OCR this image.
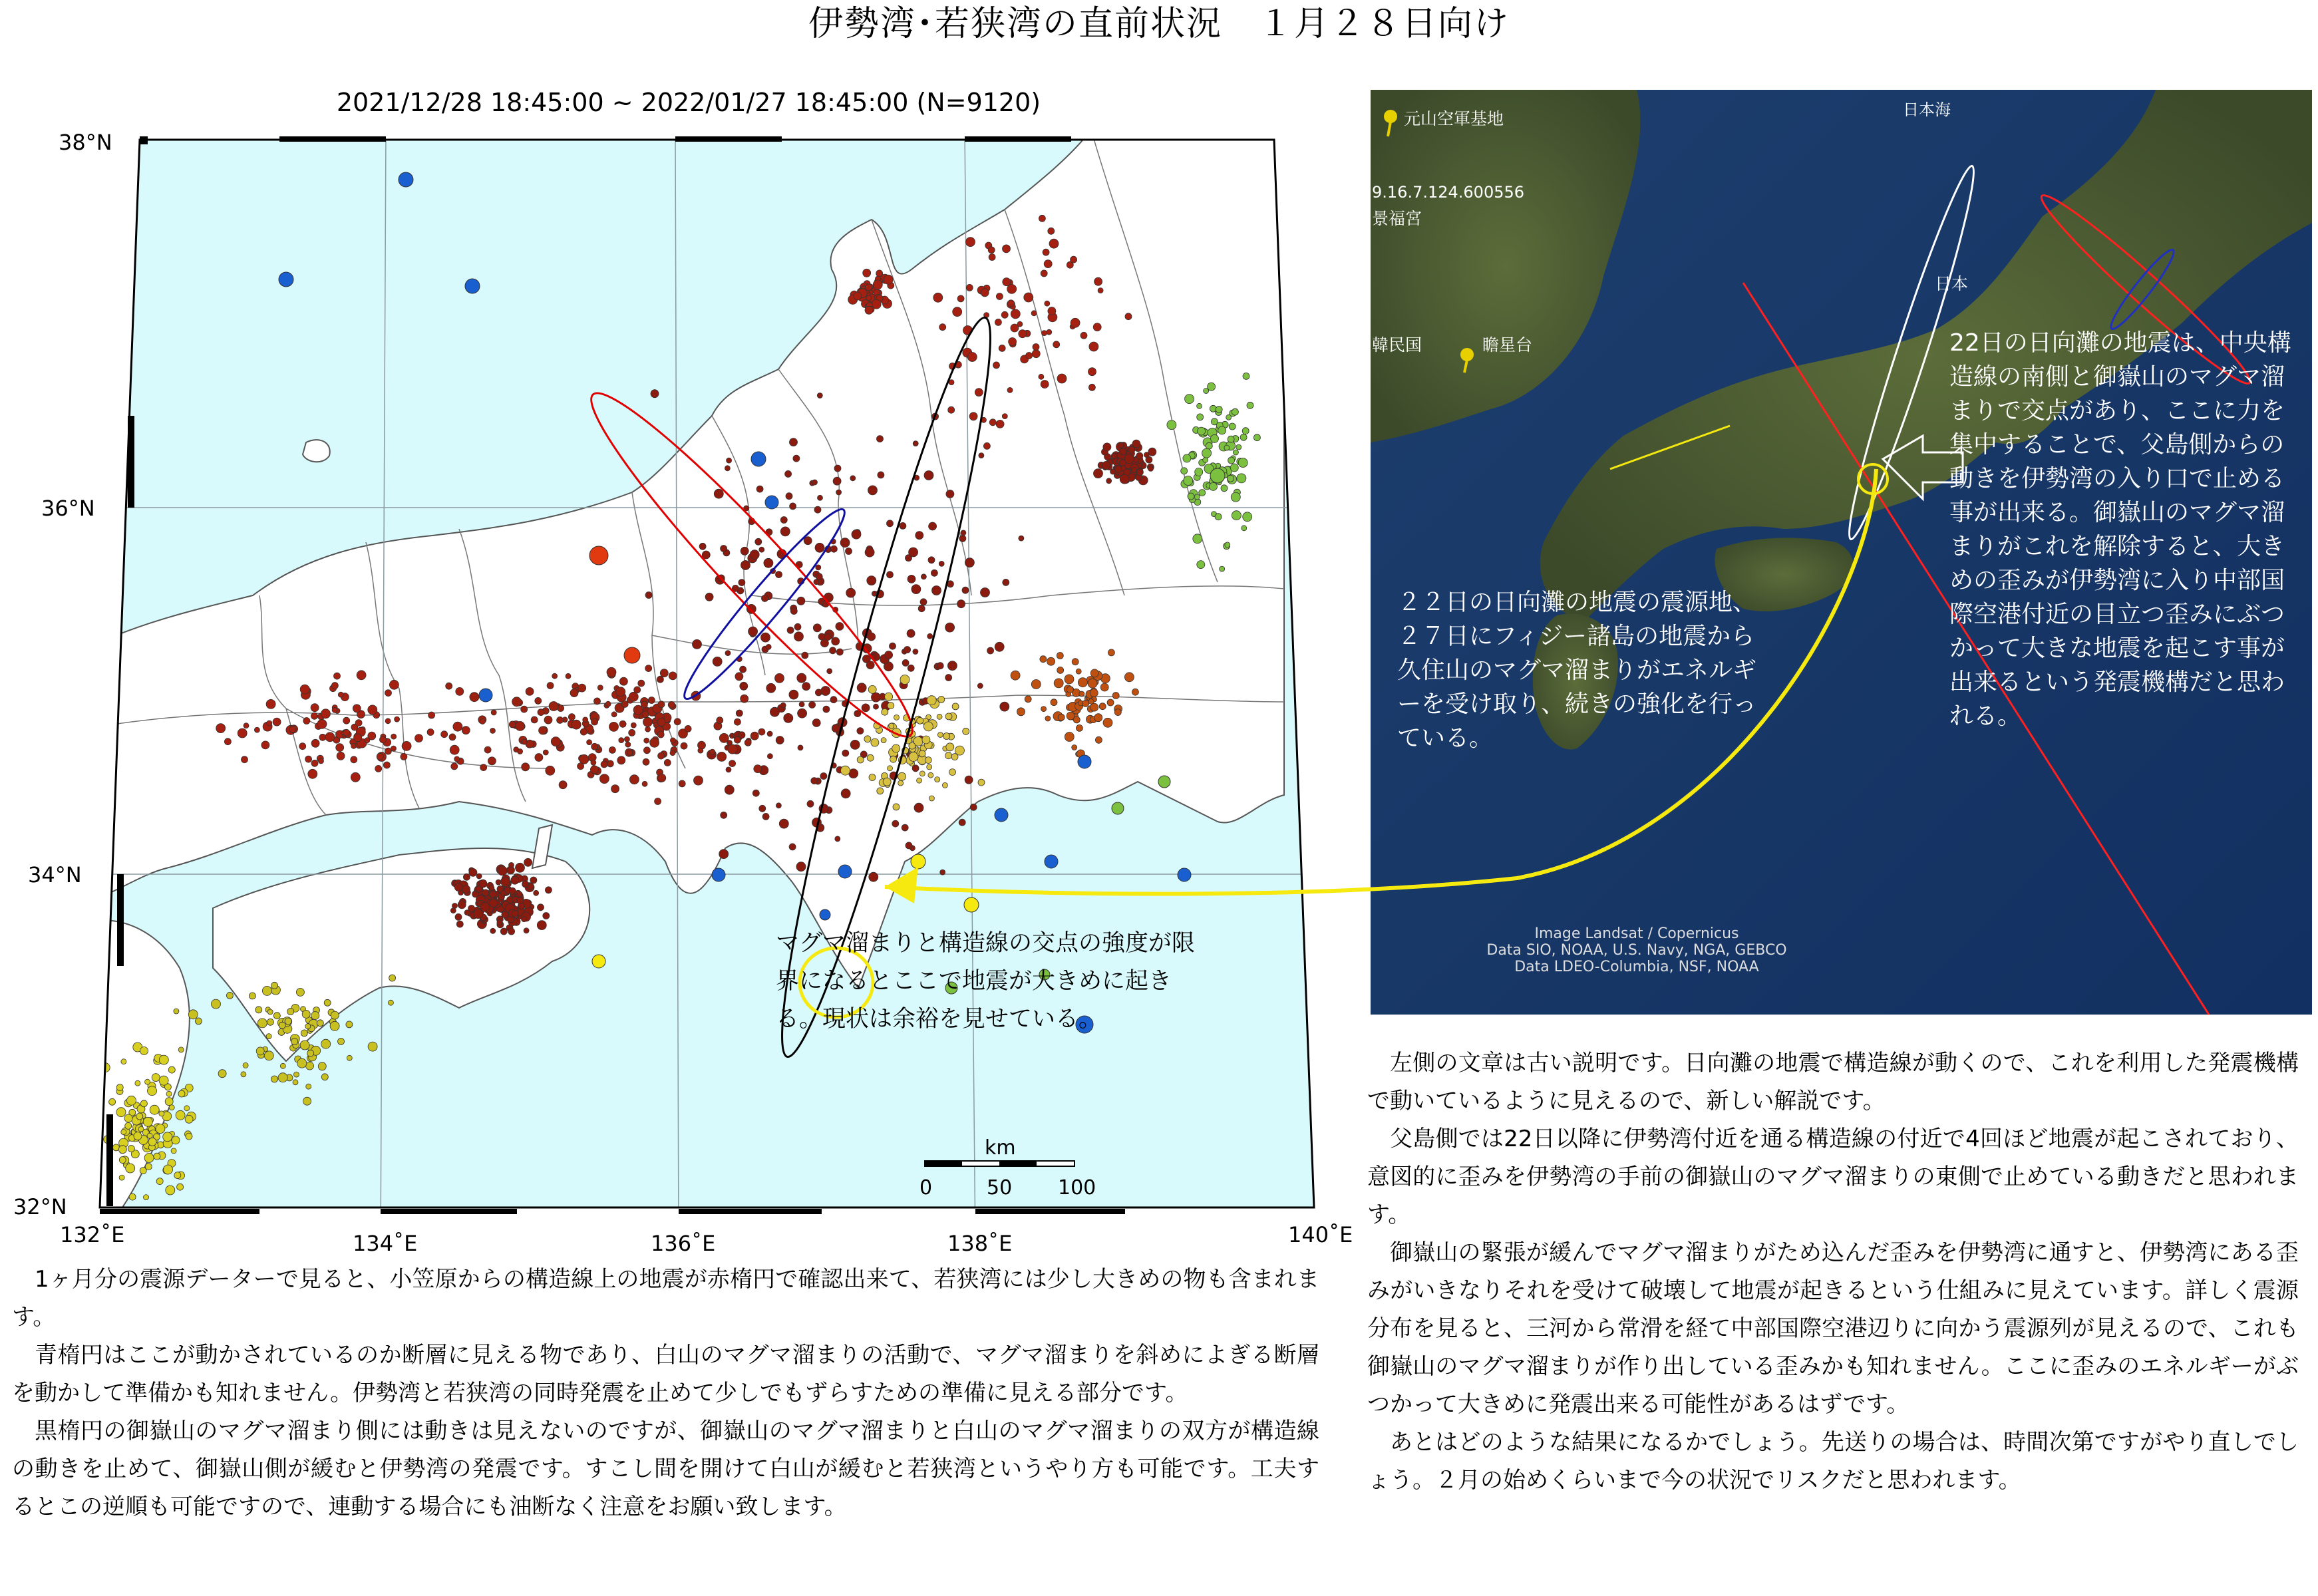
伊勢湾･若狭湾の直前状況　１月２８日向け
2021/12/28 18:45:00 ~ 2022/01/27 18:45:00 (N=9120)
38°N
36°N
34°N
32°N
132˚E	134˚E	136˚E	138˚E	140˚E
km
0	50 100
マグマ溜まりと構造線の交点の強度が限界になるとここで地震が大きめに起きる。現状は余裕を見せている。
元山空軍基地
9.16.7.124.600556
景福宮
韓民国	瞻星台
日本海
日本
Image Landsat / Copernicus
Data SIO, NOAA, U.S. Navy, NGA, GEBCO
Data LDEO-Columbia, NSF, NOAA
22日の日向灘の地震は、中央構造線の南側と御嶽山のマグマ溜まりで交点があり、ここに力を集中することで、父島側からの動きを伊勢湾の入り口で止める事が出来る。御嶽山のマグマ溜まりがこれを解除すると、大きめの歪みが伊勢湾に入り中部国際空港付近の目立つ歪みにぶつかって大きな地震を起こす事が出来るという発震機構だと思われる。
２２日の日向灘の地震の震源地、２７日にフィジー諸島の地震から久住山のマグマ溜まりがエネルギーを受け取り、続きの強化を行っている。

1ヶ月分の震源データーで見ると、小笠原からの構造線上の地震が赤楕円で確認出来て、若狭湾には少し大きめの物も含まれます。

青楕円はここが動かされているのか断層に見える物であり、白山のマグマ溜まりの活動で、マグマ溜まりを斜めによぎる断層を動かして準備かも知れません。伊勢湾と若狭湾の同時発震を止めて少しでもずらすための準備に見える部分です。

黒楕円の御嶽山のマグマ溜まり側には動きは見えないのですが、御嶽山のマグマ溜まりと白山のマグマ溜まりの双方が構造線の動きを止めて、御嶽山側が緩むと伊勢湾の発震です。すこし間を開けて白山が緩むと若狭湾というやり方も可能です。工夫するとこの逆順も可能ですので、連動する場合にも油断なく注意をお願い致します。

左側の文章は古い説明です。日向灘の地震で構造線が動くので、これを利用した発震機構で動いているように見えるので、新しい解説です。

父島側では22日以降に伊勢湾付近を通る構造線の付近で4回ほど地震が起こされており、意図的に歪みを伊勢湾の手前の御嶽山のマグマ溜まりの東側で止めている動きだと思われます。

御嶽山の緊張が緩んでマグマ溜まりがため込んだ歪みを伊勢湾に通すと、伊勢湾にある歪みがいきなりそれを受けて破壊して地震が起きるという仕組みに見えています。詳しく震源分布を見ると、三河から常滑を経て中部国際空港辺りに向かう震源列が見えるので、これも御嶽山のマグマ溜まりが作り出している歪みかも知れません。ここに歪みのエネルギーがぶつかって大きめに発震出来る可能性があるはずです。

あとはどのような結果になるかでしょう。先送りの場合は、時間次第ですがやり直しでしょう。２月の始めくらいまで今の状況でリスクだと思われます。
